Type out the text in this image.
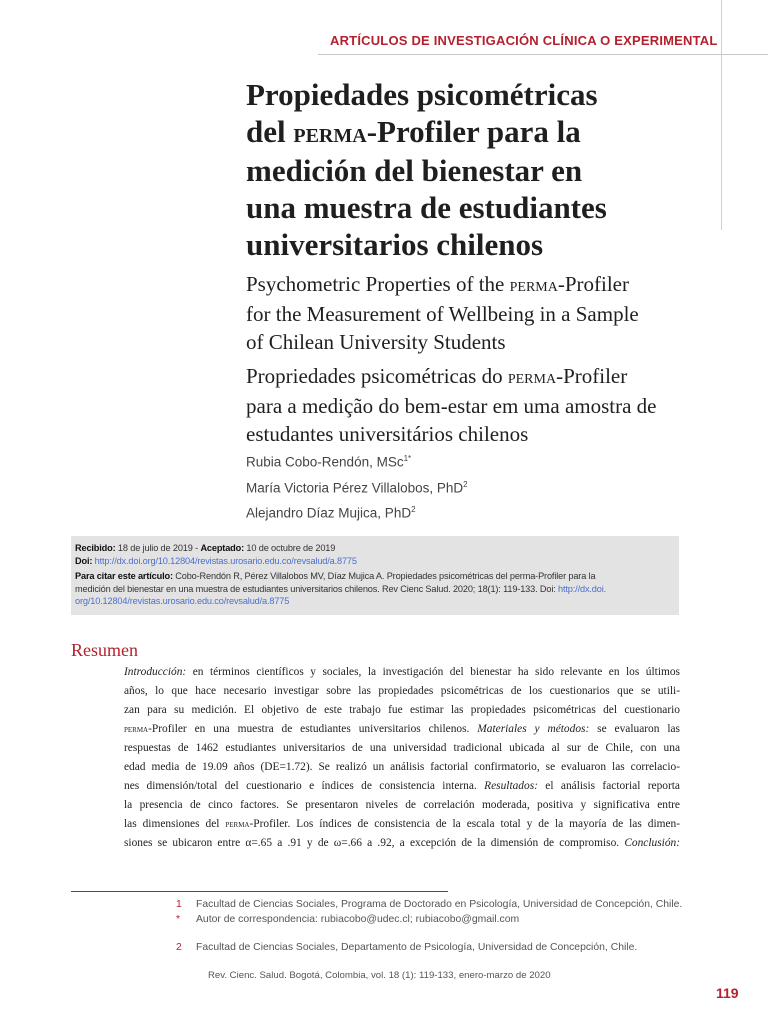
ARTÍCULOS DE INVESTIGACIÓN CLÍNICA O EXPERIMENTAL
Propiedades psicométricas
del perma-Profiler para la
medición del bienestar en
una muestra de estudiantes
universitarios chilenos
Psychometric Properties of the perma-Profiler
for the Measurement of Wellbeing in a Sample
of Chilean University Students
Propriedades psicométricas do perma-Profiler
para a medição do bem-estar em uma amostra de
estudantes universitários chilenos
Rubia Cobo-Rendón, MSc$^{1*}$
María Victoria Pérez Villalobos, PhD$^2$
Alejandro Díaz Mujica, PhD$^2$
Recibido: 18 de julio de 2019 - Aceptado: 10 de octubre de 2019
Doi: http://dx.doi.org/10.12804/revistas.urosario.edu.co/revsalud/a.8775
Para citar este artículo: Cobo-Rendón R, Pérez Villalobos MV, Díaz Mujica A. Propiedades psicométricas del perma-Profiler para la
medición del bienestar en una muestra de estudiantes universitarios chilenos. Rev Cienc Salud. 2020; 18(1): 119-133. Doi: http://dx.doi.
org/10.12804/revistas.urosario.edu.co/revsalud/a.8775
Resumen
Introducción: en términos científicos y sociales, la investigación del bienestar ha sido relevante en los últimos
años, lo que hace necesario investigar sobre las propiedades psicométricas de los cuestionarios que se utili-
zan para su medición. El objetivo de este trabajo fue estimar las propiedades psicométricas del cuestionario
perma-Profiler en una muestra de estudiantes universitarios chilenos. Materiales y métodos: se evaluaron las
respuestas de 1462 estudiantes universitarios de una universidad tradicional ubicada al sur de Chile, con una
edad media de 19.09 años (DE=1.72). Se realizó un análisis factorial confirmatorio, se evaluaron las correlacio-
nes dimensión/total del cuestionario e índices de consistencia interna. Resultados: el análisis factorial reporta
la presencia de cinco factores. Se presentaron niveles de correlación moderada, positiva y significativa entre
las dimensiones del perma-Profiler. Los índices de consistencia de la escala total y de la mayoría de las dimen-
siones se ubicaron entre α=.65 a .91 y de ω=.66 a .92, a excepción de la dimensión de compromiso. Conclusión:
1	Facultad de Ciencias Sociales, Programa de Doctorado en Psicología, Universidad de Concepción, Chile.
*	Autor de correspondencia: rubiacobo@udec.cl; rubiacobo@gmail.com
2	Facultad de Ciencias Sociales, Departamento de Psicología, Universidad de Concepción, Chile.
Rev. Cienc. Salud. Bogotá, Colombia, vol. 18 (1): 119-133, enero-marzo de 2020
119
